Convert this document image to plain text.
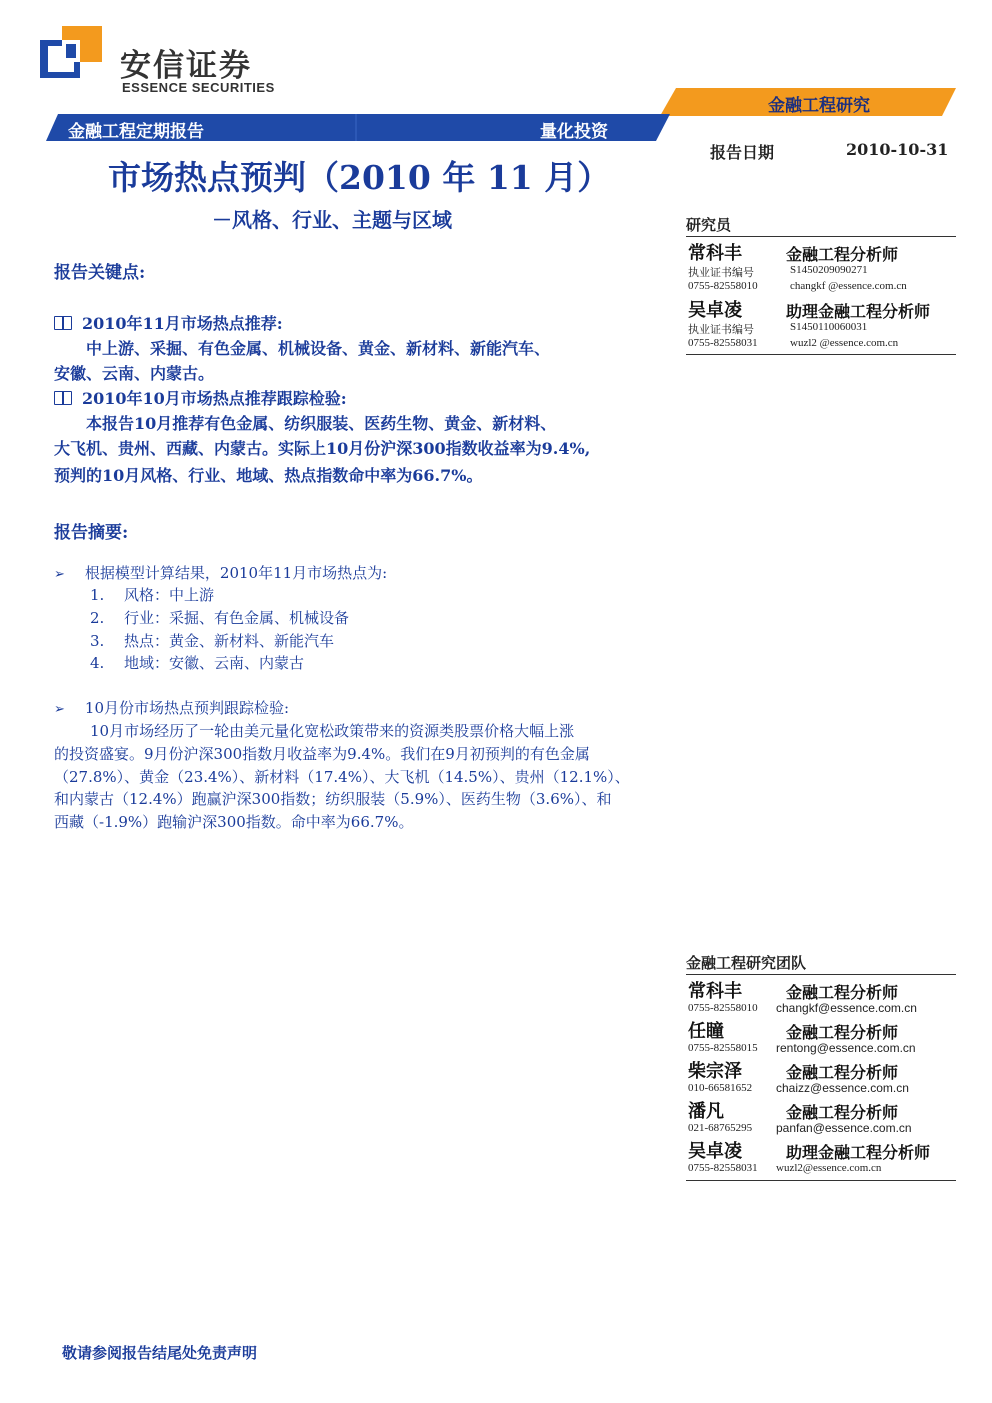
安信证券
ESSENCE SECURITIES
金融工程研究
金融工程定期报告	量化投资
报告日期	2010-10-31
市场热点预判（2010 年 11 月）
－风格、行业、主题与区域
报告关键点:
2010年11月市场热点推荐:
中上游、采掘、有色金属、机械设备、黄金、新材料、新能汽车、
安徽、云南、内蒙古。
2010年10月市场热点推荐跟踪检验:
本报告10月推荐有色金属、纺织服装、医药生物、黄金、新材料、
大飞机、贵州、西藏、内蒙古。实际上10月份沪深300指数收益率为9.4%,
预判的10月风格、行业、地域、热点指数命中率为66.7%。
报告摘要:
➢ 根据模型计算结果，2010年11月市场热点为:
1. 风格：中上游
2. 行业：采掘、有色金属、机械设备
3. 热点：黄金、新材料、新能汽车
4. 地域：安徽、云南、内蒙古
➢ 10月份市场热点预判跟踪检验:
10月市场经历了一轮由美元量化宽松政策带来的资源类股票价格大幅上涨
的投资盛宴。9月份沪深300指数月收益率为9.4%。我们在9月初预判的有色金属
（27.8%）、黄金（23.4%）、新材料（17.4%）、大飞机（14.5%）、贵州（12.1%）、
和内蒙古（12.4%）跑赢沪深300指数；纺织服装（5.9%）、医药生物（3.6%）、和
西藏（-1.9%）跑输沪深300指数。命中率为66.7%。
研究员
常科丰	金融工程分析师
执业证书编号	S1450209090271
0755-82558010	changkf @essence.com.cn
吴卓凌	助理金融工程分析师
执业证书编号	S1450110060031
0755-82558031	wuzl2 @essence.com.cn
金融工程研究团队
常科丰	金融工程分析师
0755-82558010 changkf@essence.com.cn
任瞳	金融工程分析师
0755-82558015 rentong@essence.com.cn
柴宗泽	金融工程分析师
010-66581652 chaizz@essence.com.cn
潘凡	金融工程分析师
021-68765295 panfan@essence.com.cn
吴卓凌	助理金融工程分析师
0755-82558031 wuzl2@essence.com.cn
敬请参阅报告结尾处免责声明
